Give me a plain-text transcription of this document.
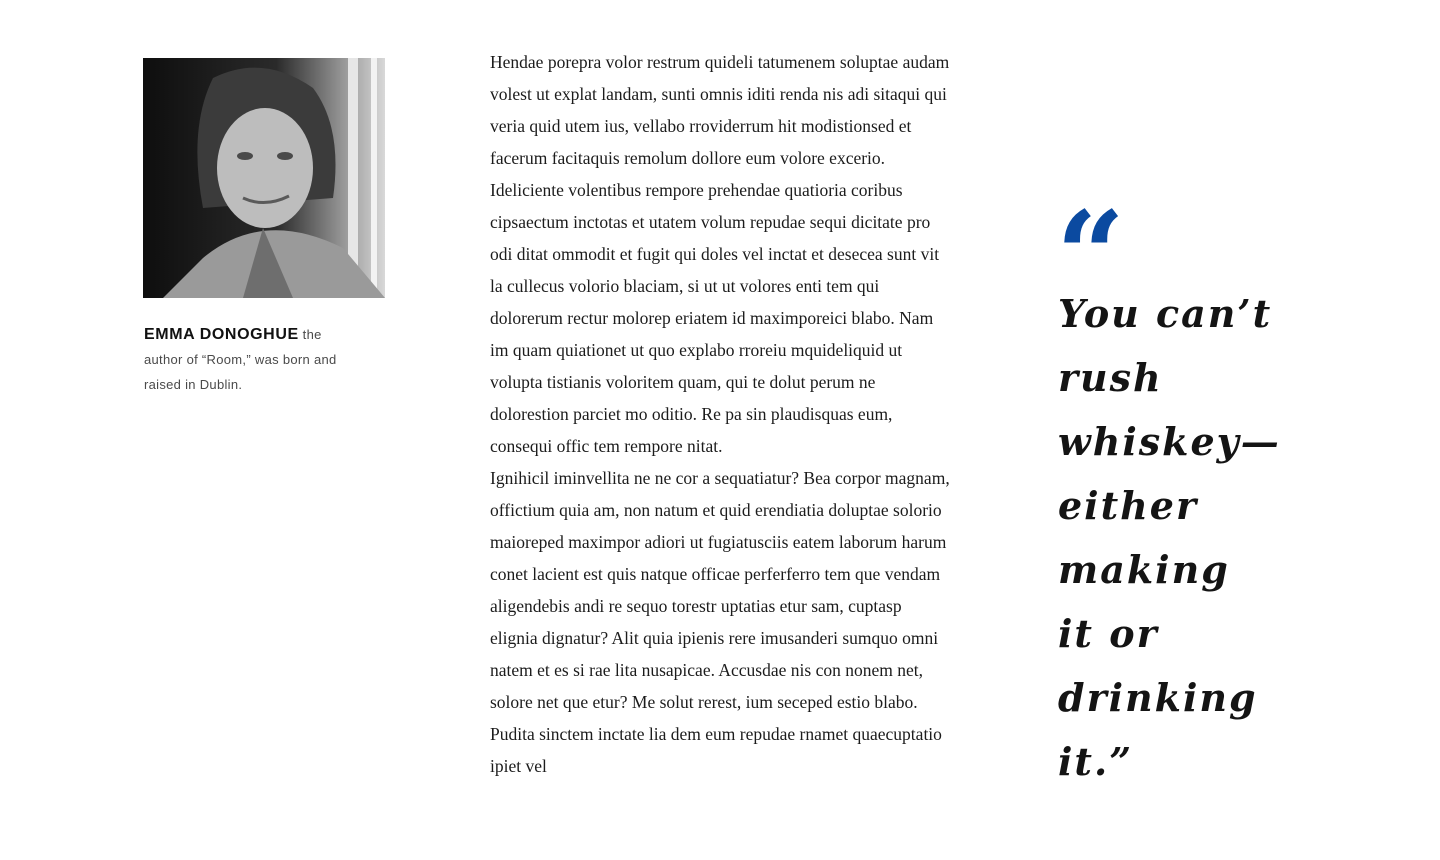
EMMA DONOGHUE the author of “Room,” was born and raised in Dublin.

Hendae porepra volor restrum quideli tatumenem soluptae audam volest ut explat landam, sunti omnis iditi renda nis adi sitaqui qui veria quid utem ius, vellabo rroviderrum hit modistionsed et facerum facitaquis remolum dollore eum volore excerio. Ideliciente volentibus rempore prehendae quatioria coribus cipsaectum inctotas et utatem volum repudae sequi dicitate pro odi ditat ommodit et fugit qui doles vel inctat et desecea sunt vit la cullecus volorio blaciam, si ut ut volores enti tem qui dolorerum rectur molorep eriatem id maximporeici blabo. Nam im quam quiationet ut quo explabo rroreiu mquideliquid ut volupta tistianis voloritem quam, qui te dolut perum ne dolorestion parciet mo oditio. Re pa sin plaudisquas eum, consequi offic tem rempore nitat.

Ignihicil iminvellita ne ne cor a sequatiatur? Bea corpor magnam, offictium quia am, non natum et quid erendiatia doluptae solorio maioreped maximpor adiori ut fugiatusciis eatem laborum harum conet lacient est quis natque officae perferferro tem que vendam aligendebis andi re sequo torestr uptatias etur sam, cuptasp elignia dignatur? Alit quia ipienis rere imusanderi sumquo omni natem et es si rae lita nusapicae. Accusdae nis con nonem net, solore net que etur? Me solut rerest, ium seceped estio blabo. Pudita sinctem inctate lia dem eum repudae rnamet quaecuptatio ipiet vel

“
You can’t
rush
whiskey—
either
making
it or
drinking
it.”
